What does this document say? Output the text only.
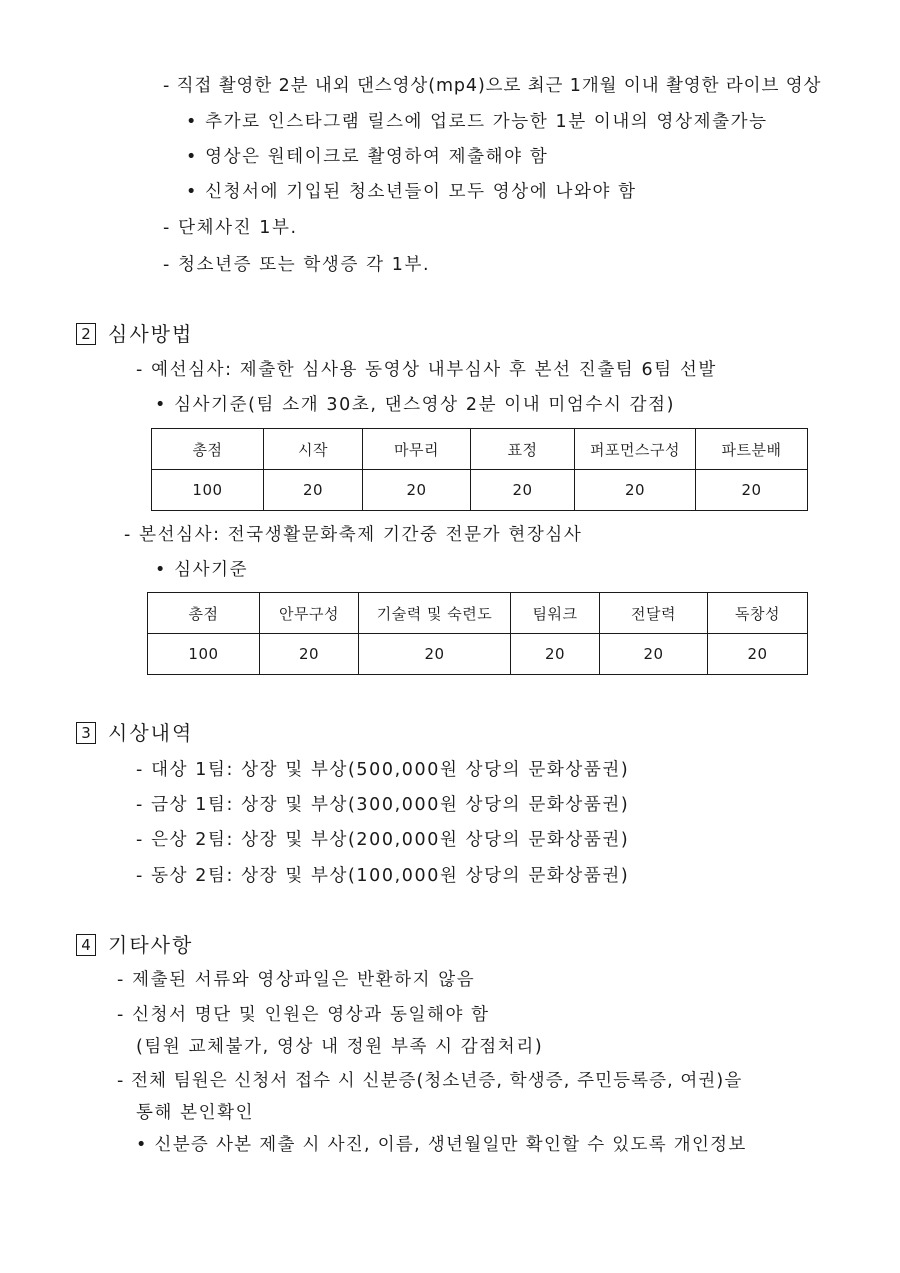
- 직접 촬영한 2분 내외 댄스영상(mp4)으로 최근 1개월 이내 촬영한 라이브 영상
• 추가로 인스타그램 릴스에 업로드 가능한 1분 이내의 영상제출가능
• 영상은 원테이크로 촬영하여 제출해야 함
• 신청서에 기입된 청소년들이 모두 영상에 나와야 함
- 단체사진 1부.
- 청소년증 또는 학생증 각 1부.
2 심사방법
- 예선심사: 제출한 심사용 동영상 내부심사 후 본선 진출팀 6팀 선발
• 심사기준(팀 소개 30초, 댄스영상 2분 이내 미엄수시 감점)
총점	시작	마무리	표정	퍼포먼스구성	파트분배
100	20	20	20	20	20
- 본선심사: 전국생활문화축제 기간중 전문가 현장심사
• 심사기준
총점	안무구성	기술력 및 숙련도	팀워크	전달력	독창성
100	20	20	20	20	20
3 시상내역
- 대상 1팀: 상장 및 부상(500,000원 상당의 문화상품권)
- 금상 1팀: 상장 및 부상(300,000원 상당의 문화상품권)
- 은상 2팀: 상장 및 부상(200,000원 상당의 문화상품권)
- 동상 2팀: 상장 및 부상(100,000원 상당의 문화상품권)
4 기타사항
- 제출된 서류와 영상파일은 반환하지 않음
- 신청서 명단 및 인원은 영상과 동일해야 함
(팀원 교체불가, 영상 내 정원 부족 시 감점처리)
- 전체 팀원은 신청서 접수 시 신분증(청소년증, 학생증, 주민등록증, 여권)을
통해 본인확인
• 신분증 사본 제출 시 사진, 이름, 생년월일만 확인할 수 있도록 개인정보
